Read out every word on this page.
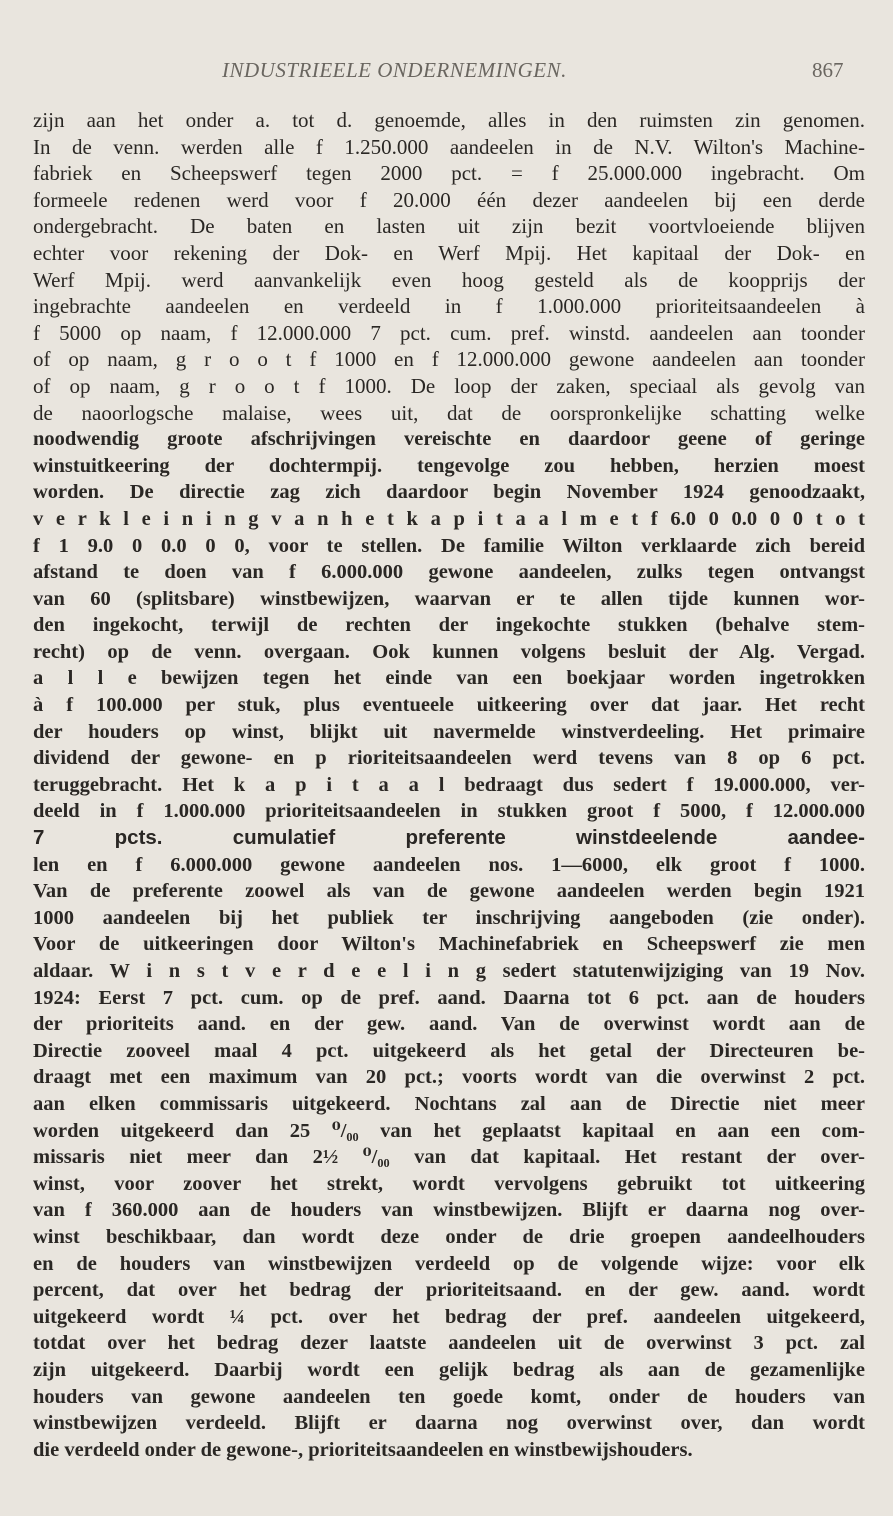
INDUSTRIEELE ONDERNEMINGEN.	867
zijn aan het onder a. tot d. genoemde, alles in den ruimsten zin genomen.
In de venn. werden alle f 1.250.000 aandeelen in de N.V. Wilton's Machine-
fabriek en Scheepswerf tegen 2000 pct. = f 25.000.000 ingebracht. Om
formeele redenen werd voor f 20.000 één dezer aandeelen bij een derde
ondergebracht. De baten en lasten uit zijn bezit voortvloeiende blijven
echter voor rekening der Dok- en Werf Mpij. Het kapitaal der Dok- en
Werf Mpij. werd aanvankelijk even hoog gesteld als de koopprijs der
ingebrachte aandeelen en verdeeld in f 1.000.000 prioriteitsaandeelen à
f 5000 op naam, f 12.000.000 7 pct. cum. pref. winstd. aandeelen aan toonder
of op naam, g r o o t f 1000 en f 12.000.000 gewone aandeelen aan toonder
of op naam, g r o o t f 1000. De loop der zaken, speciaal als gevolg van
de naoorlogsche malaise, wees uit, dat de oorspronkelijke schatting welke
noodwendig groote afschrijvingen vereischte en daardoor geene of geringe
winstuitkeering der dochtermpij. tengevolge zou hebben, herzien moest
worden. De directie zag zich daardoor begin November 1924 genoodzaakt,
v e r k l e i n i n g v a n h e t k a p i t a a l m e t f 6.0 0 0.0 0 0 t o t
f 1 9.0 0 0.0 0 0, voor te stellen. De familie Wilton verklaarde zich bereid
afstand te doen van f 6.000.000 gewone aandeelen, zulks tegen ontvangst
van 60 (splitsbare) winstbewijzen, waarvan er te allen tijde kunnen wor-
den ingekocht, terwijl de rechten der ingekochte stukken (behalve stem-
recht) op de venn. overgaan. Ook kunnen volgens besluit der Alg. Vergad.
a l l e bewijzen tegen het einde van een boekjaar worden ingetrokken
à f 100.000 per stuk, plus eventueele uitkeering over dat jaar. Het recht
der houders op winst, blijkt uit navermelde winstverdeeling. Het primaire
dividend der gewone- en p rioriteitsaandeelen werd tevens van 8 op 6 pct.
teruggebracht. Het k a p i t a a l bedraagt dus sedert f 19.000.000, ver-
deeld in f 1.000.000 prioriteitsaandeelen in stukken groot f 5000, f 12.000.000
7 pcts. cumulatief preferente winstdeelende aandee-
len en f 6.000.000 gewone aandeelen nos. 1—6000, elk groot f 1000.
Van de preferente zoowel als van de gewone aandeelen werden begin 1921
1000 aandeelen bij het publiek ter inschrijving aangeboden (zie onder).
Voor de uitkeeringen door Wilton's Machinefabriek en Scheepswerf zie men
aldaar. W i n s t v e r d e e l i n g sedert statutenwijziging van 19 Nov.
1924: Eerst 7 pct. cum. op de pref. aand. Daarna tot 6 pct. aan de houders
der prioriteits aand. en der gew. aand. Van de overwinst wordt aan de
Directie zooveel maal 4 pct. uitgekeerd als het getal der Directeuren be-
draagt met een maximum van 20 pct.; voorts wordt van die overwinst 2 pct.
aan elken commissaris uitgekeerd. Nochtans zal aan de Directie niet meer
worden uitgekeerd dan 25 ⁰/₀₀ van het geplaatst kapitaal en aan een com-
missaris niet meer dan 2½ ⁰/₀₀ van dat kapitaal. Het restant der over-
winst, voor zoover het strekt, wordt vervolgens gebruikt tot uitkeering
van f 360.000 aan de houders van winstbewijzen. Blijft er daarna nog over-
winst beschikbaar, dan wordt deze onder de drie groepen aandeelhouders
en de houders van winstbewijzen verdeeld op de volgende wijze: voor elk
percent, dat over het bedrag der prioriteitsaand. en der gew. aand. wordt
uitgekeerd wordt ¼ pct. over het bedrag der pref. aandeelen uitgekeerd,
totdat over het bedrag dezer laatste aandeelen uit de overwinst 3 pct. zal
zijn uitgekeerd. Daarbij wordt een gelijk bedrag als aan de gezamenlijke
houders van gewone aandeelen ten goede komt, onder de houders van
winstbewijzen verdeeld. Blijft er daarna nog overwinst over, dan wordt
die verdeeld onder de gewone-, prioriteitsaandeelen en winstbewijshouders.
